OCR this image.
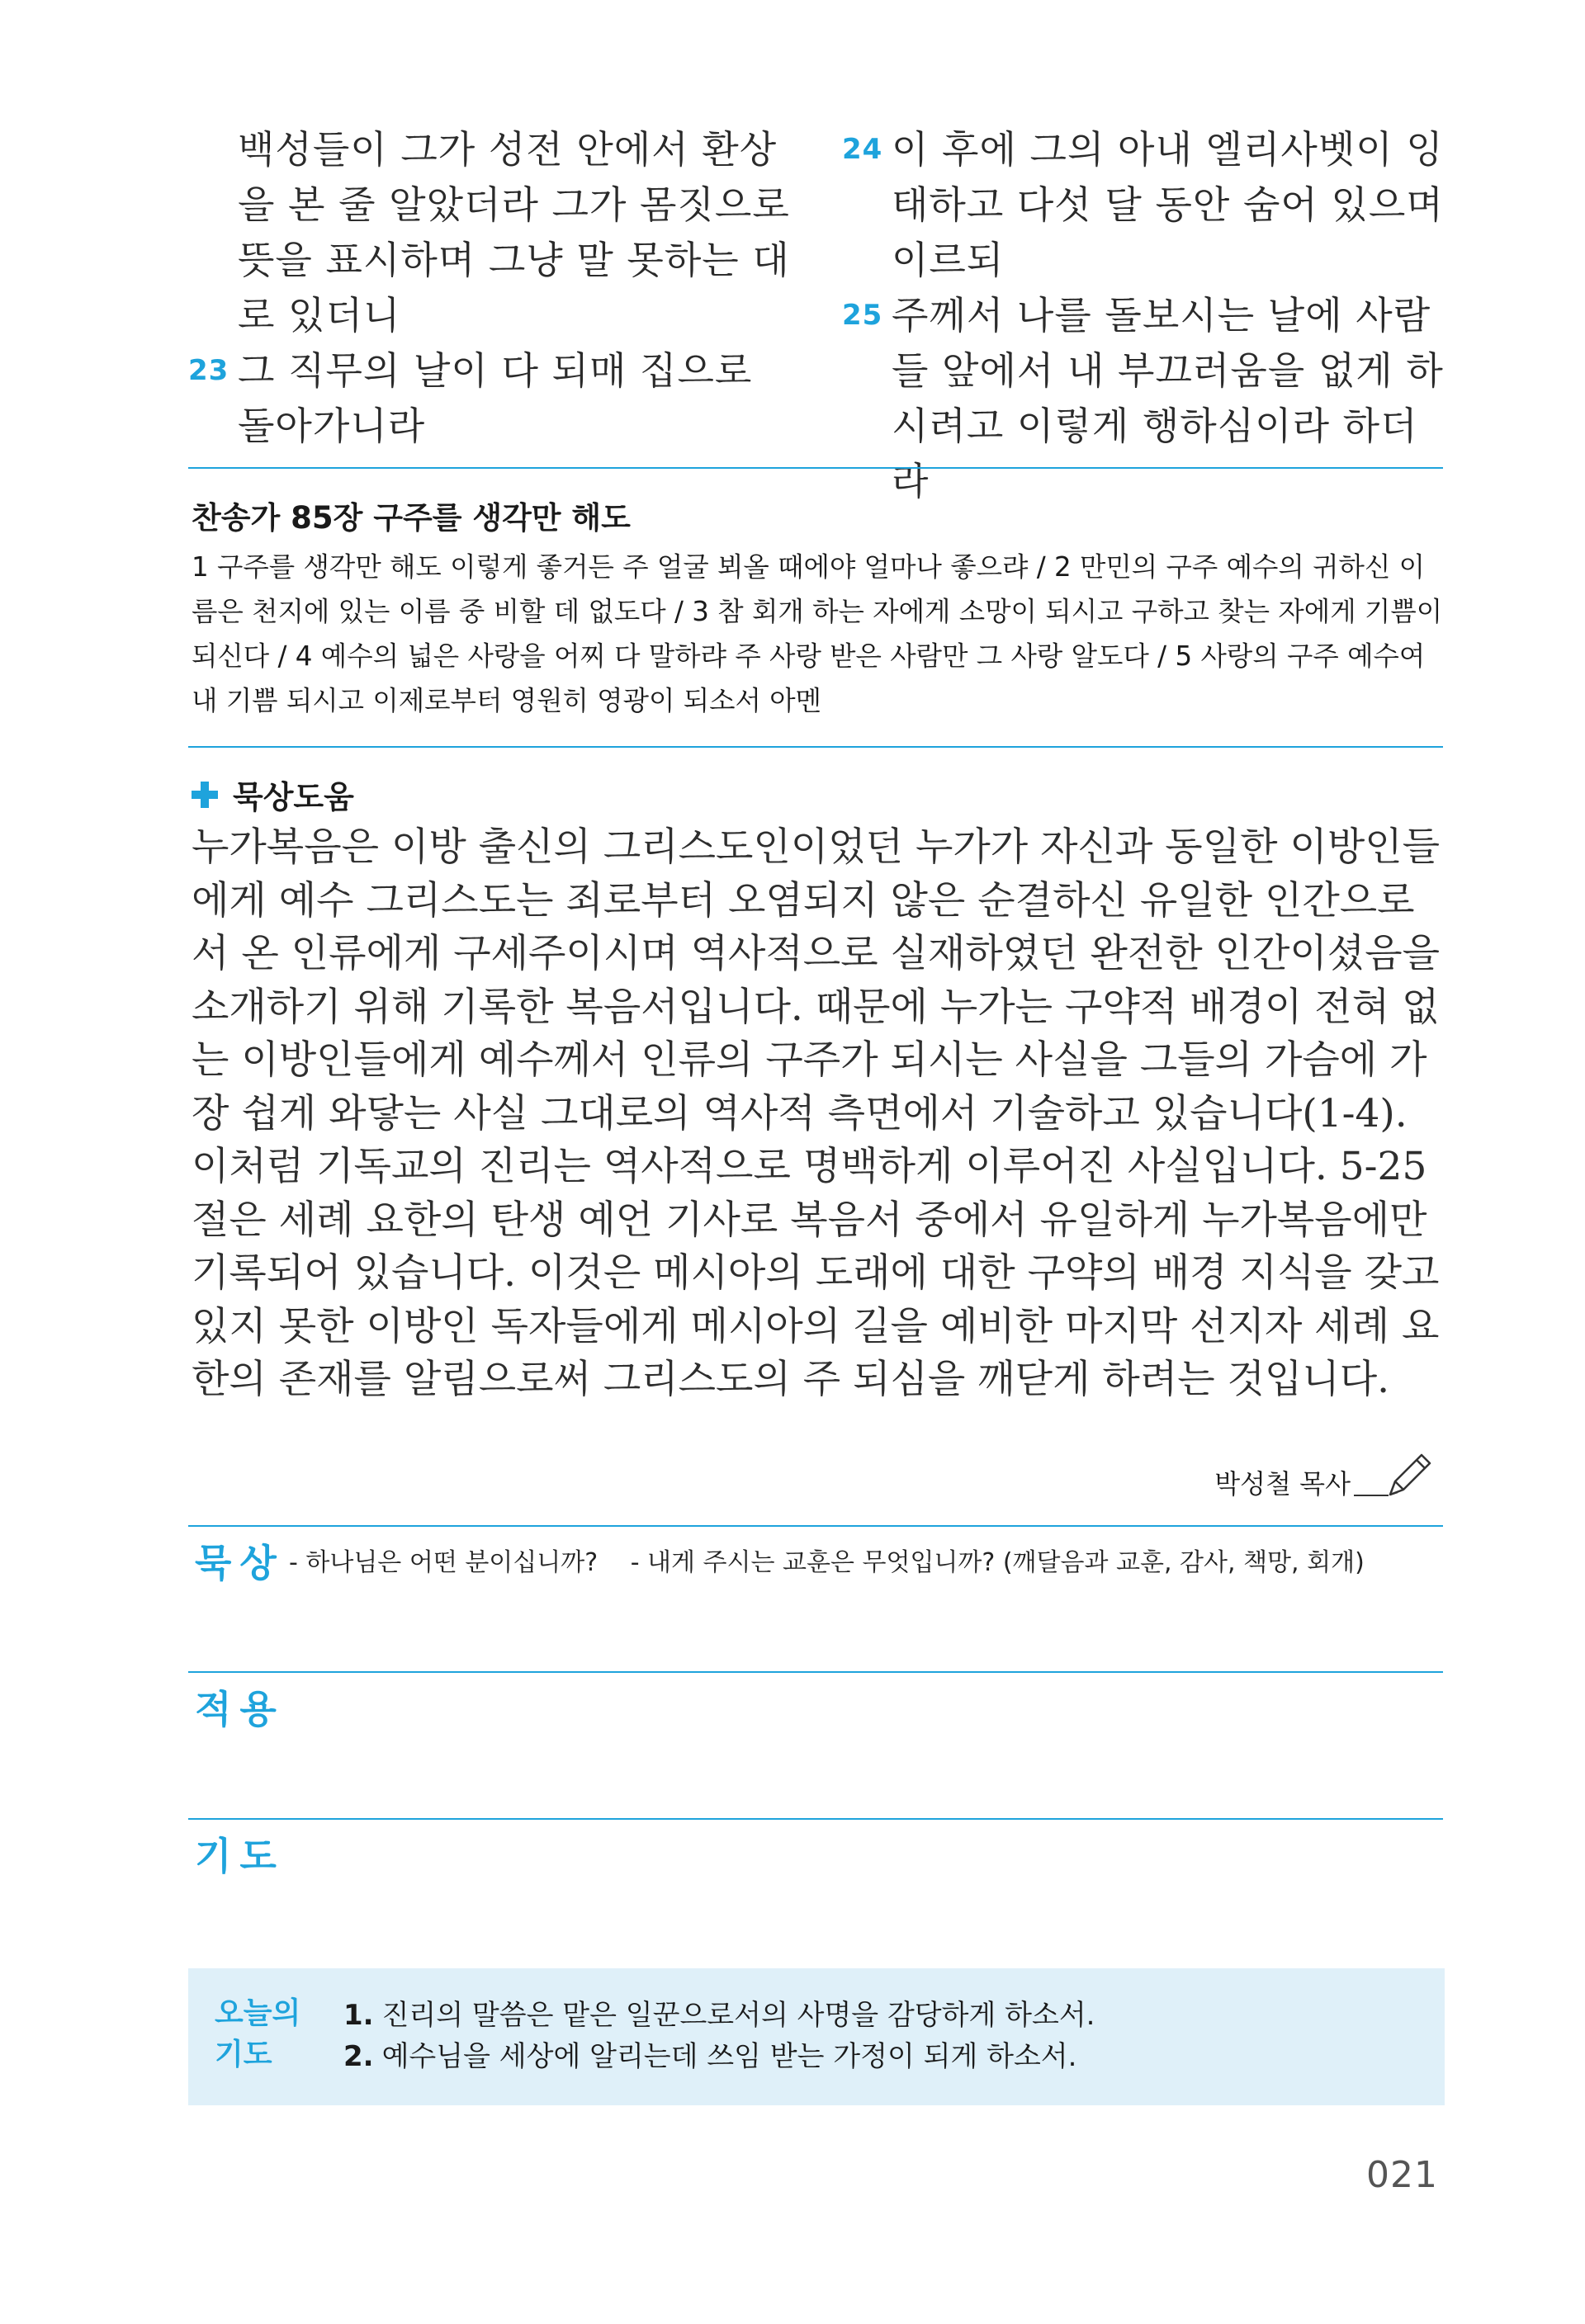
백성들이 그가 성전 안에서 환상을 본 줄 알았더라 그가 몸짓으로 뜻을 표시하며 그냥 말 못하는 대로 있더니
23 그 직무의 날이 다 되매 집으로 돌아가니라
24 이 후에 그의 아내 엘리사벳이 잉태하고 다섯 달 동안 숨어 있으며 이르되
25 주께서 나를 돌보시는 날에 사람들 앞에서 내 부끄러움을 없게 하시려고 이렇게 행하심이라 하더라
찬송가 85장 구주를 생각만 해도
1 구주를 생각만 해도 이렇게 좋거든 주 얼굴 뵈올 때에야 얼마나 좋으랴 / 2 만민의 구주 예수의 귀하신 이름은 천지에 있는 이름 중 비할 데 없도다 / 3 참 회개 하는 자에게 소망이 되시고 구하고 찾는 자에게 기쁨이 되신다 / 4 예수의 넓은 사랑을 어찌 다 말하랴 주 사랑 받은 사람만 그 사랑 알도다 / 5 사랑의 구주 예수여 내 기쁨 되시고 이제로부터 영원히 영광이 되소서 아멘
묵상도움
누가복음은 이방 출신의 그리스도인이었던 누가가 자신과 동일한 이방인들에게 예수 그리스도는 죄로부터 오염되지 않은 순결하신 유일한 인간으로서 온 인류에게 구세주이시며 역사적으로 실재하였던 완전한 인간이셨음을 소개하기 위해 기록한 복음서입니다. 때문에 누가는 구약적 배경이 전혀 없는 이방인들에게 예수께서 인류의 구주가 되시는 사실을 그들의 가슴에 가장 쉽게 와닿는 사실 그대로의 역사적 측면에서 기술하고 있습니다(1-4). 이처럼 기독교의 진리는 역사적으로 명백하게 이루어진 사실입니다. 5-25절은 세례 요한의 탄생 예언 기사로 복음서 중에서 유일하게 누가복음에만 기록되어 있습니다. 이것은 메시아의 도래에 대한 구약의 배경 지식을 갖고 있지 못한 이방인 독자들에게 메시아의 길을 예비한 마지막 선지자 세례 요한의 존재를 알림으로써 그리스도의 주 되심을 깨닫게 하려는 것입니다.
박성철 목사
묵상 - 하나님은 어떤 분이십니까? - 내게 주시는 교훈은 무엇입니까? (깨달음과 교훈, 감사, 책망, 회개)
적용
기도
오늘의
기도
1. 진리의 말씀은 맡은 일꾼으로서의 사명을 감당하게 하소서.
2. 예수님을 세상에 알리는데 쓰임 받는 가정이 되게 하소서.
021
